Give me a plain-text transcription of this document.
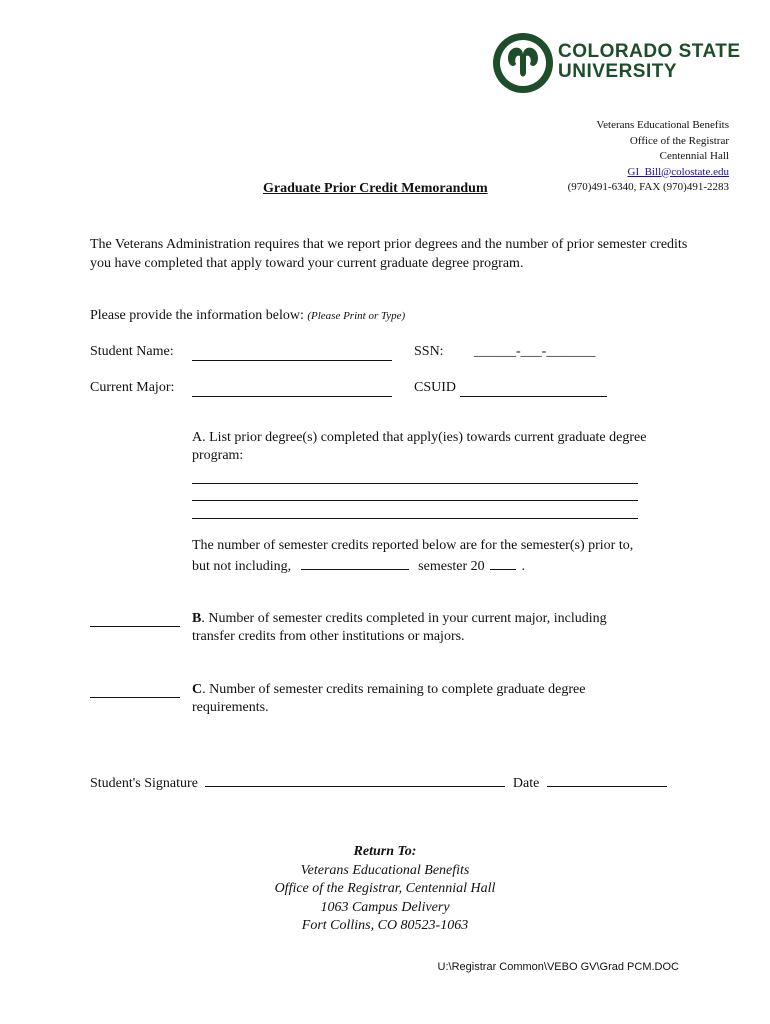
COLORADO STATE
UNIVERSITY
Veterans Educational Benefits
Office of the Registrar
Centennial Hall
GI_Bill@colostate.edu
(970)491-6340, FAX (970)491-2283
Graduate Prior Credit Memorandum
The Veterans Administration requires that we report prior degrees and the number of prior semester credits you have completed that apply toward your current graduate degree program.
Please provide the information below: (Please Print or Type)
Student Name:	SSN: ______-___-_______
Current Major:	CSUID
A. List prior degree(s) completed that apply(ies) towards current graduate degree program:
The number of semester credits reported below are for the semester(s) prior to,
but not including,	semester 20	.
B. Number of semester credits completed in your current major, including
transfer credits from other institutions or majors.
C. Number of semester credits remaining to complete graduate degree
requirements.
Student's Signature	Date
Return To:
Veterans Educational Benefits
Office of the Registrar, Centennial Hall
1063 Campus Delivery
Fort Collins, CO 80523-1063
U:\Registrar Common\VEBO GV\Grad PCM.DOC
